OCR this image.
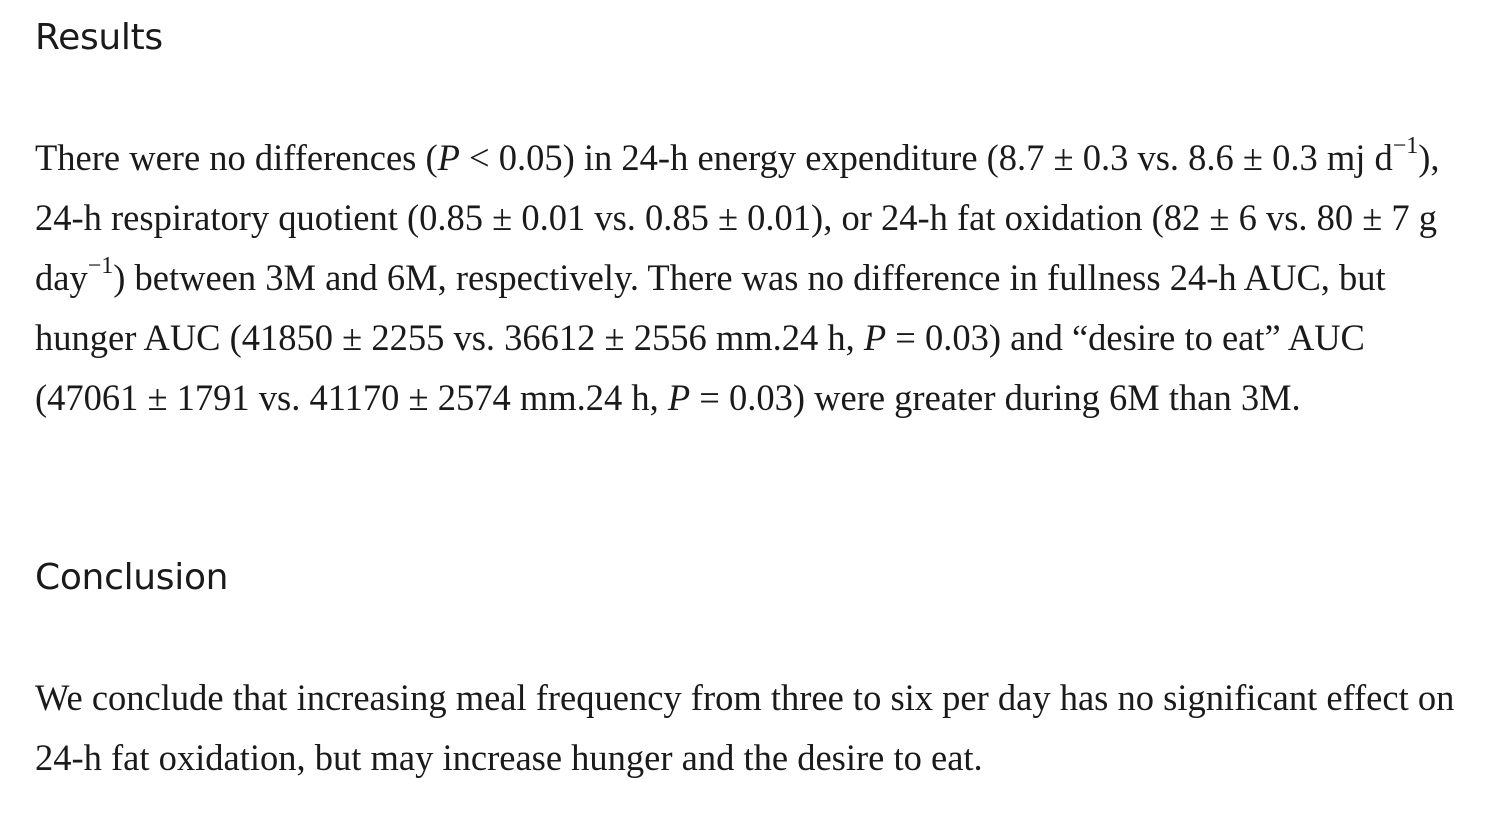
Results

There were no differences (P < 0.05) in 24-h energy expenditure (8.7 ± 0.3 vs. 8.6 ± 0.3 mj $d^{-1}$), 24-h respiratory quotient (0.85 ± 0.01 vs. 0.85 ± 0.01), or 24-h fat oxidation (82 ± 6 vs. 80 ± 7 g day$^{-1}$) between 3M and 6M, respectively. There was no difference in fullness 24-h AUC, but hunger AUC (41850 ± 2255 vs. 36612 ± 2556 mm.24 h, P = 0.03) and “desire to eat” AUC (47061 ± 1791 vs. 41170 ± 2574 mm.24 h, P = 0.03) were greater during 6M than 3M.

Conclusion

We conclude that increasing meal frequency from three to six per day has no significant effect on 24-h fat oxidation, but may increase hunger and the desire to eat.
